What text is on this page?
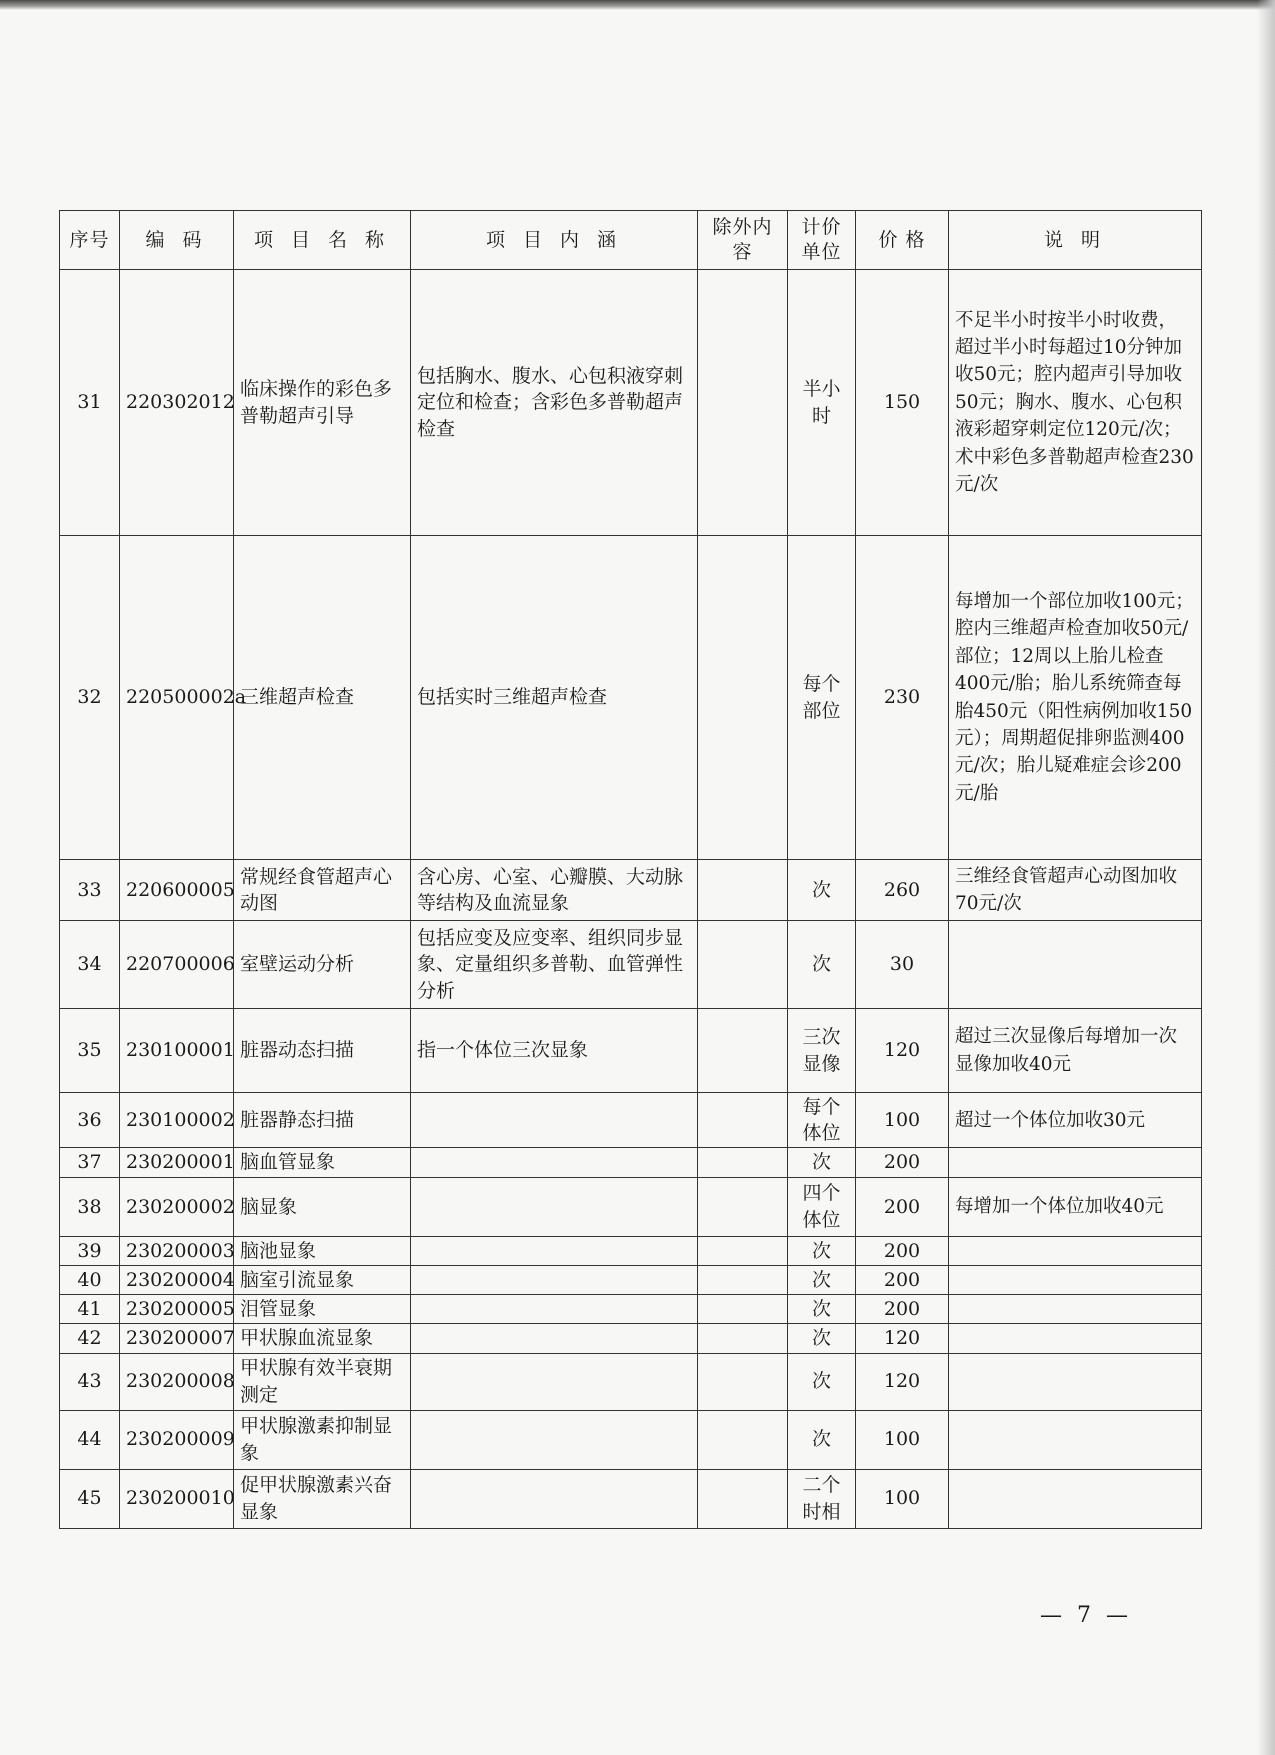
序号	编 码	项 目 名 称	项 目 内 涵	除外内容	计价单位	价 格	说 明
31	220302012	临床操作的彩色多普勒超声引导	包括胸水、腹水、心包积液穿刺定位和检查；含彩色多普勒超声检查		半小时	150	不足半小时按半小时收费，超过半小时每超过10分钟加收50元；腔内超声引导加收50元；胸水、腹水、心包积液彩超穿刺定位120元/次；术中彩色多普勒超声检查230元/次
32	220500002a	三维超声检查	包括实时三维超声检查		每个部位	230	每增加一个部位加收100元；腔内三维超声检查加收50元/部位；12周以上胎儿检查400元/胎；胎儿系统筛查每胎450元（阳性病例加收150元）；周期超促排卵监测400元/次；胎儿疑难症会诊200元/胎
33	220600005	常规经食管超声心动图	含心房、心室、心瓣膜、大动脉等结构及血流显象		次	260	三维经食管超声心动图加收70元/次
34	220700006	室壁运动分析	包括应变及应变率、组织同步显象、定量组织多普勒、血管弹性分析		次	30	
35	230100001	脏器动态扫描	指一个体位三次显象		三次显像	120	超过三次显像后每增加一次显像加收40元
36	230100002	脏器静态扫描			每个体位	100	超过一个体位加收30元
37	230200001	脑血管显象			次	200	
38	230200002	脑显象			四个体位	200	每增加一个体位加收40元
39	230200003	脑池显象			次	200	
40	230200004	脑室引流显象			次	200	
41	230200005	泪管显象			次	200	
42	230200007	甲状腺血流显象			次	120	
43	230200008	甲状腺有效半衰期测定			次	120	
44	230200009	甲状腺激素抑制显象			次	100	
45	230200010	促甲状腺激素兴奋显象			二个时相	100	
— 7 —
